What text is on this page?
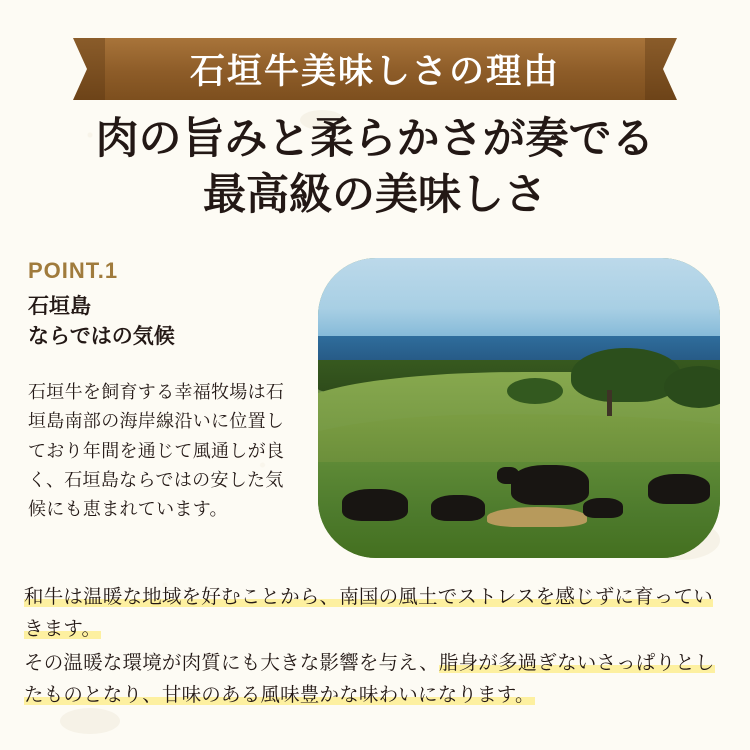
石垣牛美味しさの理由
肉の旨みと柔らかさが奏でる
最高級の美味しさ
POINT.1
石垣島
ならではの気候
石垣牛を飼育する幸福牧場は石垣島南部の海岸線沿いに位置しており年間を通じて風通しが良く、石垣島ならではの安した気候にも恵まれています。
和牛は温暖な地域を好むことから、南国の風土でストレスを感じずに育っていきます。
その温暖な環境が肉質にも大きな影響を与え、脂身が多過ぎないさっぱりとしたものとなり、甘味のある風味豊かな味わいになります。
